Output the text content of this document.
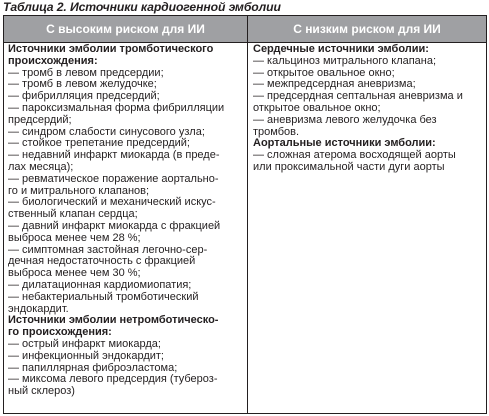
Таблица 2. Источники кардиогенной эмболии
С высоким риском для ИИ	С низким риском для ИИ
Источники эмболии тромботического
происхождения:
— тромб в левом предсердии;
— тромб в левом желудочке;
— фибрилляция предсердий;
— пароксизмальная форма фибрилляции
предсердий;
— синдром слабости синусового узла;
— стойкое трепетание предсердий;
— недавний инфаркт миокарда (в преде-
лах месяца);
— ревматическое поражение аортально-
го и митрального клапанов;
— биологический и механический искус-
ственный клапан сердца;
— давний инфаркт миокарда с фракцией
выброса менее чем 28 %;
— симптомная застойная легочно-сер-
дечная недостаточность с фракцией
выброса менее чем 30 %;
— дилатационная кардиомиопатия;
— небактериальный тромботический
эндокардит.
Источники эмболии нетромботическо-
го происхождения:
— острый инфаркт миокарда;
— инфекционный эндокардит;
— папиллярная фиброэластома;
— миксома левого предсердия (тубероз-
ный склероз)
Сердечные источники эмболии:
— кальциноз митрального клапана;
— открытое овальное окно;
— межпредсердная аневризма;
— предсердная септальная аневризма и
открытое овальное окно;
— аневризма левого желудочка без
тромбов.
Аортальные источники эмболии:
— сложная атерома восходящей аорты
или проксимальной части дуги аорты
